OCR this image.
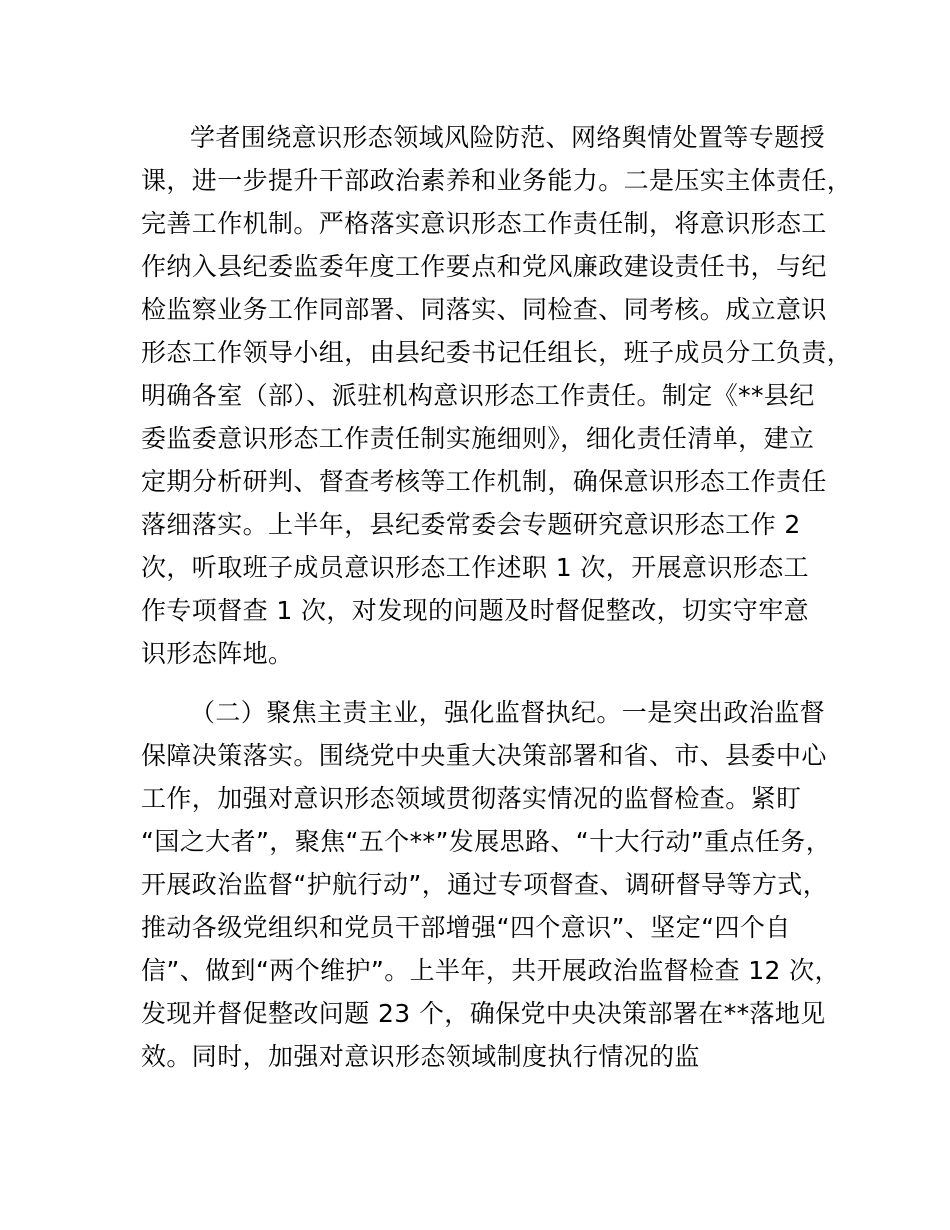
学者围绕意识形态领域风险防范、网络舆情处置等专题授
课，进一步提升干部政治素养和业务能力。二是压实主体责任，
完善工作机制。严格落实意识形态工作责任制，将意识形态工
作纳入县纪委监委年度工作要点和党风廉政建设责任书，与纪
检监察业务工作同部署、同落实、同检查、同考核。成立意识
形态工作领导小组，由县纪委书记任组长，班子成员分工负责，
明确各室（部）、派驻机构意识形态工作责任。制定《**县纪
委监委意识形态工作责任制实施细则》，细化责任清单，建立
定期分析研判、督查考核等工作机制，确保意识形态工作责任
落细落实。上半年，县纪委常委会专题研究意识形态工作 2
次，听取班子成员意识形态工作述职 1 次，开展意识形态工
作专项督查 1 次，对发现的问题及时督促整改，切实守牢意
识形态阵地。
（二）聚焦主责主业，强化监督执纪。一是突出政治监督
保障决策落实。围绕党中央重大决策部署和省、市、县委中心
工作，加强对意识形态领域贯彻落实情况的监督检查。紧盯
“国之大者”，聚焦“五个**”发展思路、“十大行动”重点任务，
开展政治监督“护航行动”，通过专项督查、调研督导等方式，
推动各级党组织和党员干部增强“四个意识”、坚定“四个自
信”、做到“两个维护”。上半年，共开展政治监督检查 12 次，
发现并督促整改问题 23 个，确保党中央决策部署在**落地见
效。同时，加强对意识形态领域制度执行情况的监
